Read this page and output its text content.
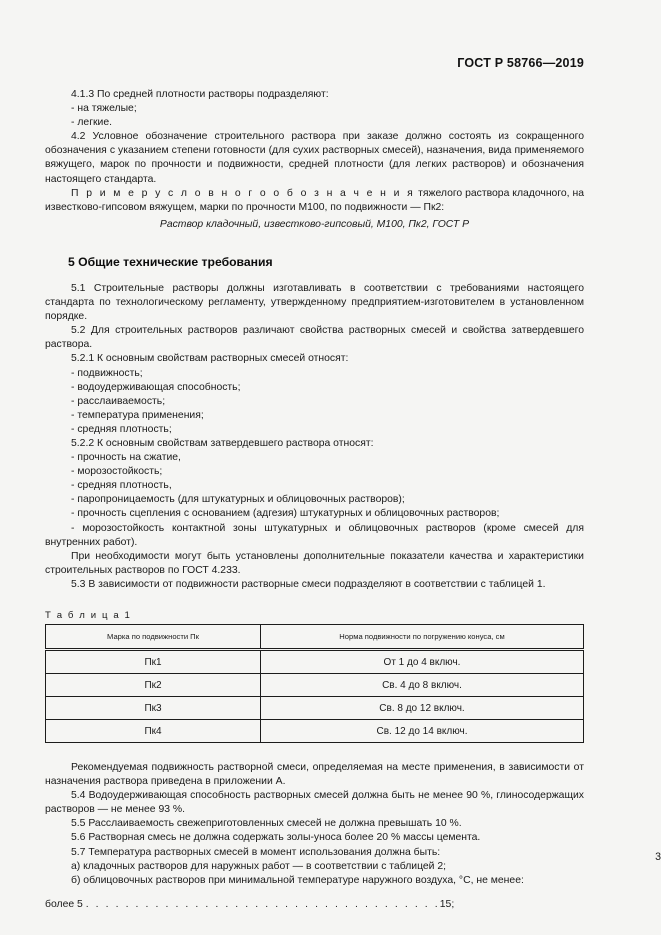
ГОСТ Р 58766—2019

4.1.3 По средней плотности растворы подразделяют:

- на тяжелые;

- легкие.

4.2 Условное обозначение строительного раствора при заказе должно состоять из сокращенного обозначения с указанием степени готовности (для сухих растворных смесей), назначения, вида применяемого вяжущего, марок по прочности и подвижности, средней плотности (для легких растворов) и обозначения настоящего стандарта.

П р и м е р у с л о в н о г о о б о з н а ч е н и я тяжелого раствора кладочного, на известково-гипсовом вяжущем, марки по прочности М100, по подвижности — Пк2:

Раствор кладочный, известково-гипсовый, М100, Пк2, ГОСТ Р

5 Общие технические требования

5.1 Строительные растворы должны изготавливать в соответствии с требованиями настоящего стандарта по технологическому регламенту, утвержденному предприятием-изготовителем в установленном порядке.

5.2 Для строительных растворов различают свойства растворных смесей и свойства затвердевшего раствора.

5.2.1 К основным свойствам растворных смесей относят:

- подвижность;

- водоудерживающая способность;

- расслаиваемость;

- температура применения;

- средняя плотность;

5.2.2 К основным свойствам затвердевшего раствора относят:

- прочность на сжатие,

- морозостойкость;

- средняя плотность,

- паропроницаемость (для штукатурных и облицовочных растворов);

- прочность сцепления с основанием (адгезия) штукатурных и облицовочных растворов;

- морозостойкость контактной зоны штукатурных и облицовочных растворов (кроме смесей для внутренних работ).

При необходимости могут быть установлены дополнительные показатели качества и характеристики строительных растворов по ГОСТ 4.233.

5.3 В зависимости от подвижности растворные смеси подразделяют в соответствии с таблицей 1.

Т а б л и ц а 1

Марка по подвижности Пк	Норма подвижности по погружению конуса, см
Пк1	От 1 до 4 включ.
Пк2	Св. 4 до 8 включ.
Пк3	Св. 8 до 12 включ.
Пк4	Св. 12 до 14 включ.

Рекомендуемая подвижность растворной смеси, определяемая на месте применения, в зависимости от назначения раствора приведена в приложении А.

5.4 Водоудерживающая способность растворных смесей должна быть не менее 90 %, глиносодержащих растворов — не менее 93 %.

5.5 Расслаиваемость свежеприготовленных смесей не должна превышать 10 %.

5.6 Растворная смесь не должна содержать золы-уноса более 20 % массы цемента.

5.7 Температура растворных смесей в момент использования должна быть:

а) кладочных растворов для наружных работ — в соответствии с таблицей 2;

б) облицовочных растворов при минимальной температуре наружного воздуха, °С, не менее:

более 5 . . . . . . . . . . . . . . . . . . . . . . . . . . . . . . . . . . . .15;

3
